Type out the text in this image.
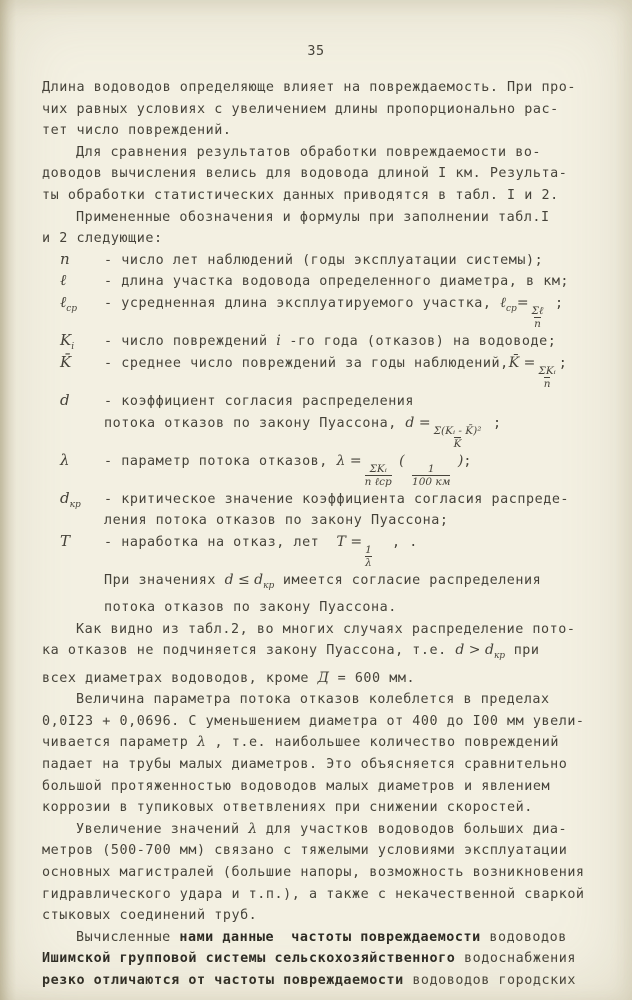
35
Длина водоводов определяюще влияет на повреждаемость. При про-
чих равных условиях с увеличением длины пропорционально рас-
тет число повреждений.
Для сравнения результатов обработки повреждаемости во-
доводов вычисления велись для водовода длиной I км. Результа-
ты обработки статистических данных приводятся в табл. I и 2.
Примененные обозначения и формулы при заполнении табл.I
и 2 следующие:
n	- число лет наблюдений (годы эксплуатации системы);
ℓ	- длина участка водовода определенного диаметра, в км;
ℓ$_{ср}$	- усредненная длина эксплуатируемого участка, ℓ$_{ср}$=
$\frac{\text{Σℓ}}{n}$
;
$K_i$	- число повреждений i -го года (отказов) на водоводе;
K̄	- среднее число повреждений за годы наблюдений,K̄ =
$\frac{\text{ΣKᵢ}}{n}$
;
d	- коэффициент согласия распределения
потока отказов по закону Пуассона, d =
$\frac{\text{Σ(Kᵢ - K̄)²}}{K̄}$
;
λ	- параметр потока отказов, λ =
$\frac{\text{ΣKᵢ}}{\text{n ℓср}}$
(
$\frac{1}{100 км}$
);
$d_{кр}$	- критическое значение коэффициента согласия распреде-
ления потока отказов по закону Пуассона;
T	- наработка на отказ, лет  T =
$\frac{1}{\lambda}$
, .
При значениях $d \le d_{кр}$ имеется согласие распределения
потока отказов по закону Пуассона.
Как видно из табл.2, во многих случаях распределение пото-
ка отказов не подчиняется закону Пуассона, т.е. $d > d_{кр}$ при
всех диаметрах водоводов, кроме Д = 600 мм.
Величина параметра потока отказов колеблется в пределах
0,0I23 + 0,0696. С уменьшением диаметра от 400 до I00 мм увели-
чивается параметр λ , т.е. наибольшее количество повреждений
падает на трубы малых диаметров. Это объясняется сравнительно
большой протяженностью водоводов малых диаметров и явлением
коррозии в тупиковых ответвлениях при снижении скоростей.
Увеличение значений λ для участков водоводов больших диа-
метров (500-700 мм) связано с тяжелыми условиями эксплуатации
основных магистралей (большие напоры, возможность возникновения
гидравлического удара и т.п.), а также с некачественной сваркой
стыковых соединений труб.
Вычисленные нами данные  частоты повреждаемости водоводов
Ишимской групповой системы сельскохозяйственного водоснабжения
резко отличаются от частоты повреждаемости водоводов городских
